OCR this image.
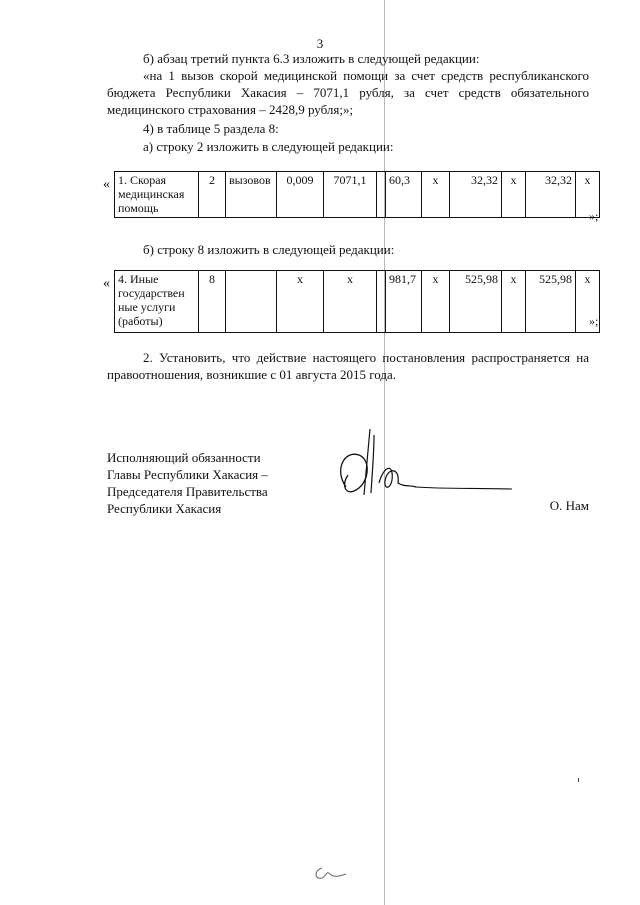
3
б) абзац третий пункта 6.3 изложить в следующей редакции:
«на 1 вызов скорой медицинской помощи за счет средств республиканского бюджета Республики Хакасия – 7071,1 рубля, за счет средств обязательного медицинского страхования – 2428,9 рубля;»;
4) в таблице 5 раздела 8:
а) строку 2 изложить в следующей редакции:
« 1. Скорая медицинская помощь	2	вызовов	0,009	7071,1		60,3	х	32,32	х	32,32	х
»;
б) строку 8 изложить в следующей редакции:
« 4. Иные государствен ные услуги (работы)	8		х	х		981,7	х	525,98	х	525,98	х
»;
2. Установить, что действие настоящего постановления распространяется на правоотношения, возникшие с 01 августа 2015 года.
Исполняющий обязанности
Главы Республики Хакасия –
Председателя Правительства
Республики Хакасия	О. Нам
